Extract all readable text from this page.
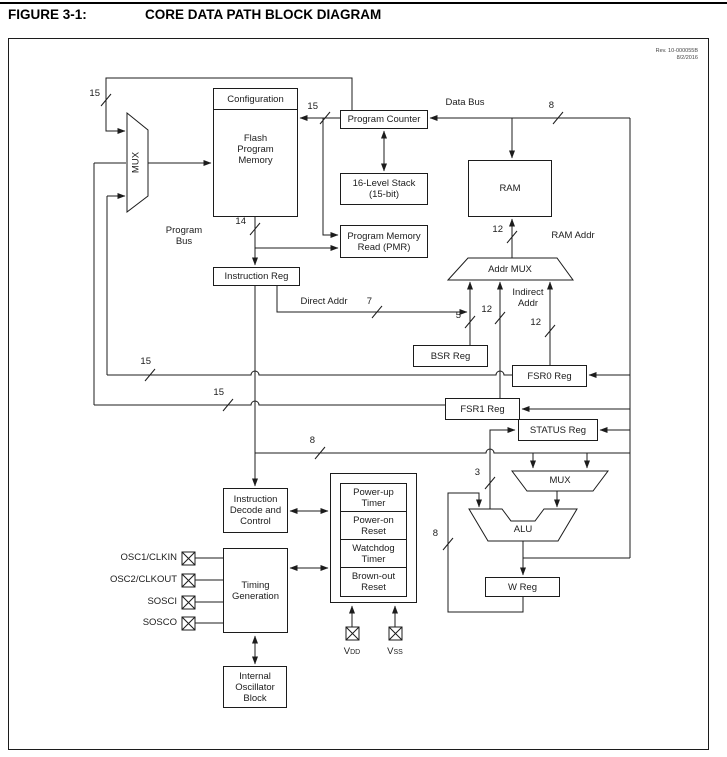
FIGURE 3-1:	CORE DATA PATH BLOCK DIAGRAM
Rev. 10-000055B
8/2/2016
Configuration
Flash
Program
Memory
MUX
Program Counter
16-Level Stack
(15-bit)
RAM
Program Memory
Read (PMR)
Instruction Reg
Addr MUX
BSR Reg
FSR0 Reg
FSR1 Reg
STATUS Reg
MUX
ALU
W Reg
Instruction
Decode and
Control
Timing
Generation
Power-up
Timer
Power-on
Reset
Watchdog
Timer
Brown-out
Reset
Internal
Oscillator
Block
Data Bus
Program
Bus
Direct Addr
Indirect
Addr
RAM Addr
15
15	8
14
15
15
7
5
12
12
12
8
3
8
OSC1/CLKIN
OSC2/CLKOUT
SOSCI
SOSCO
VDD	VSS
